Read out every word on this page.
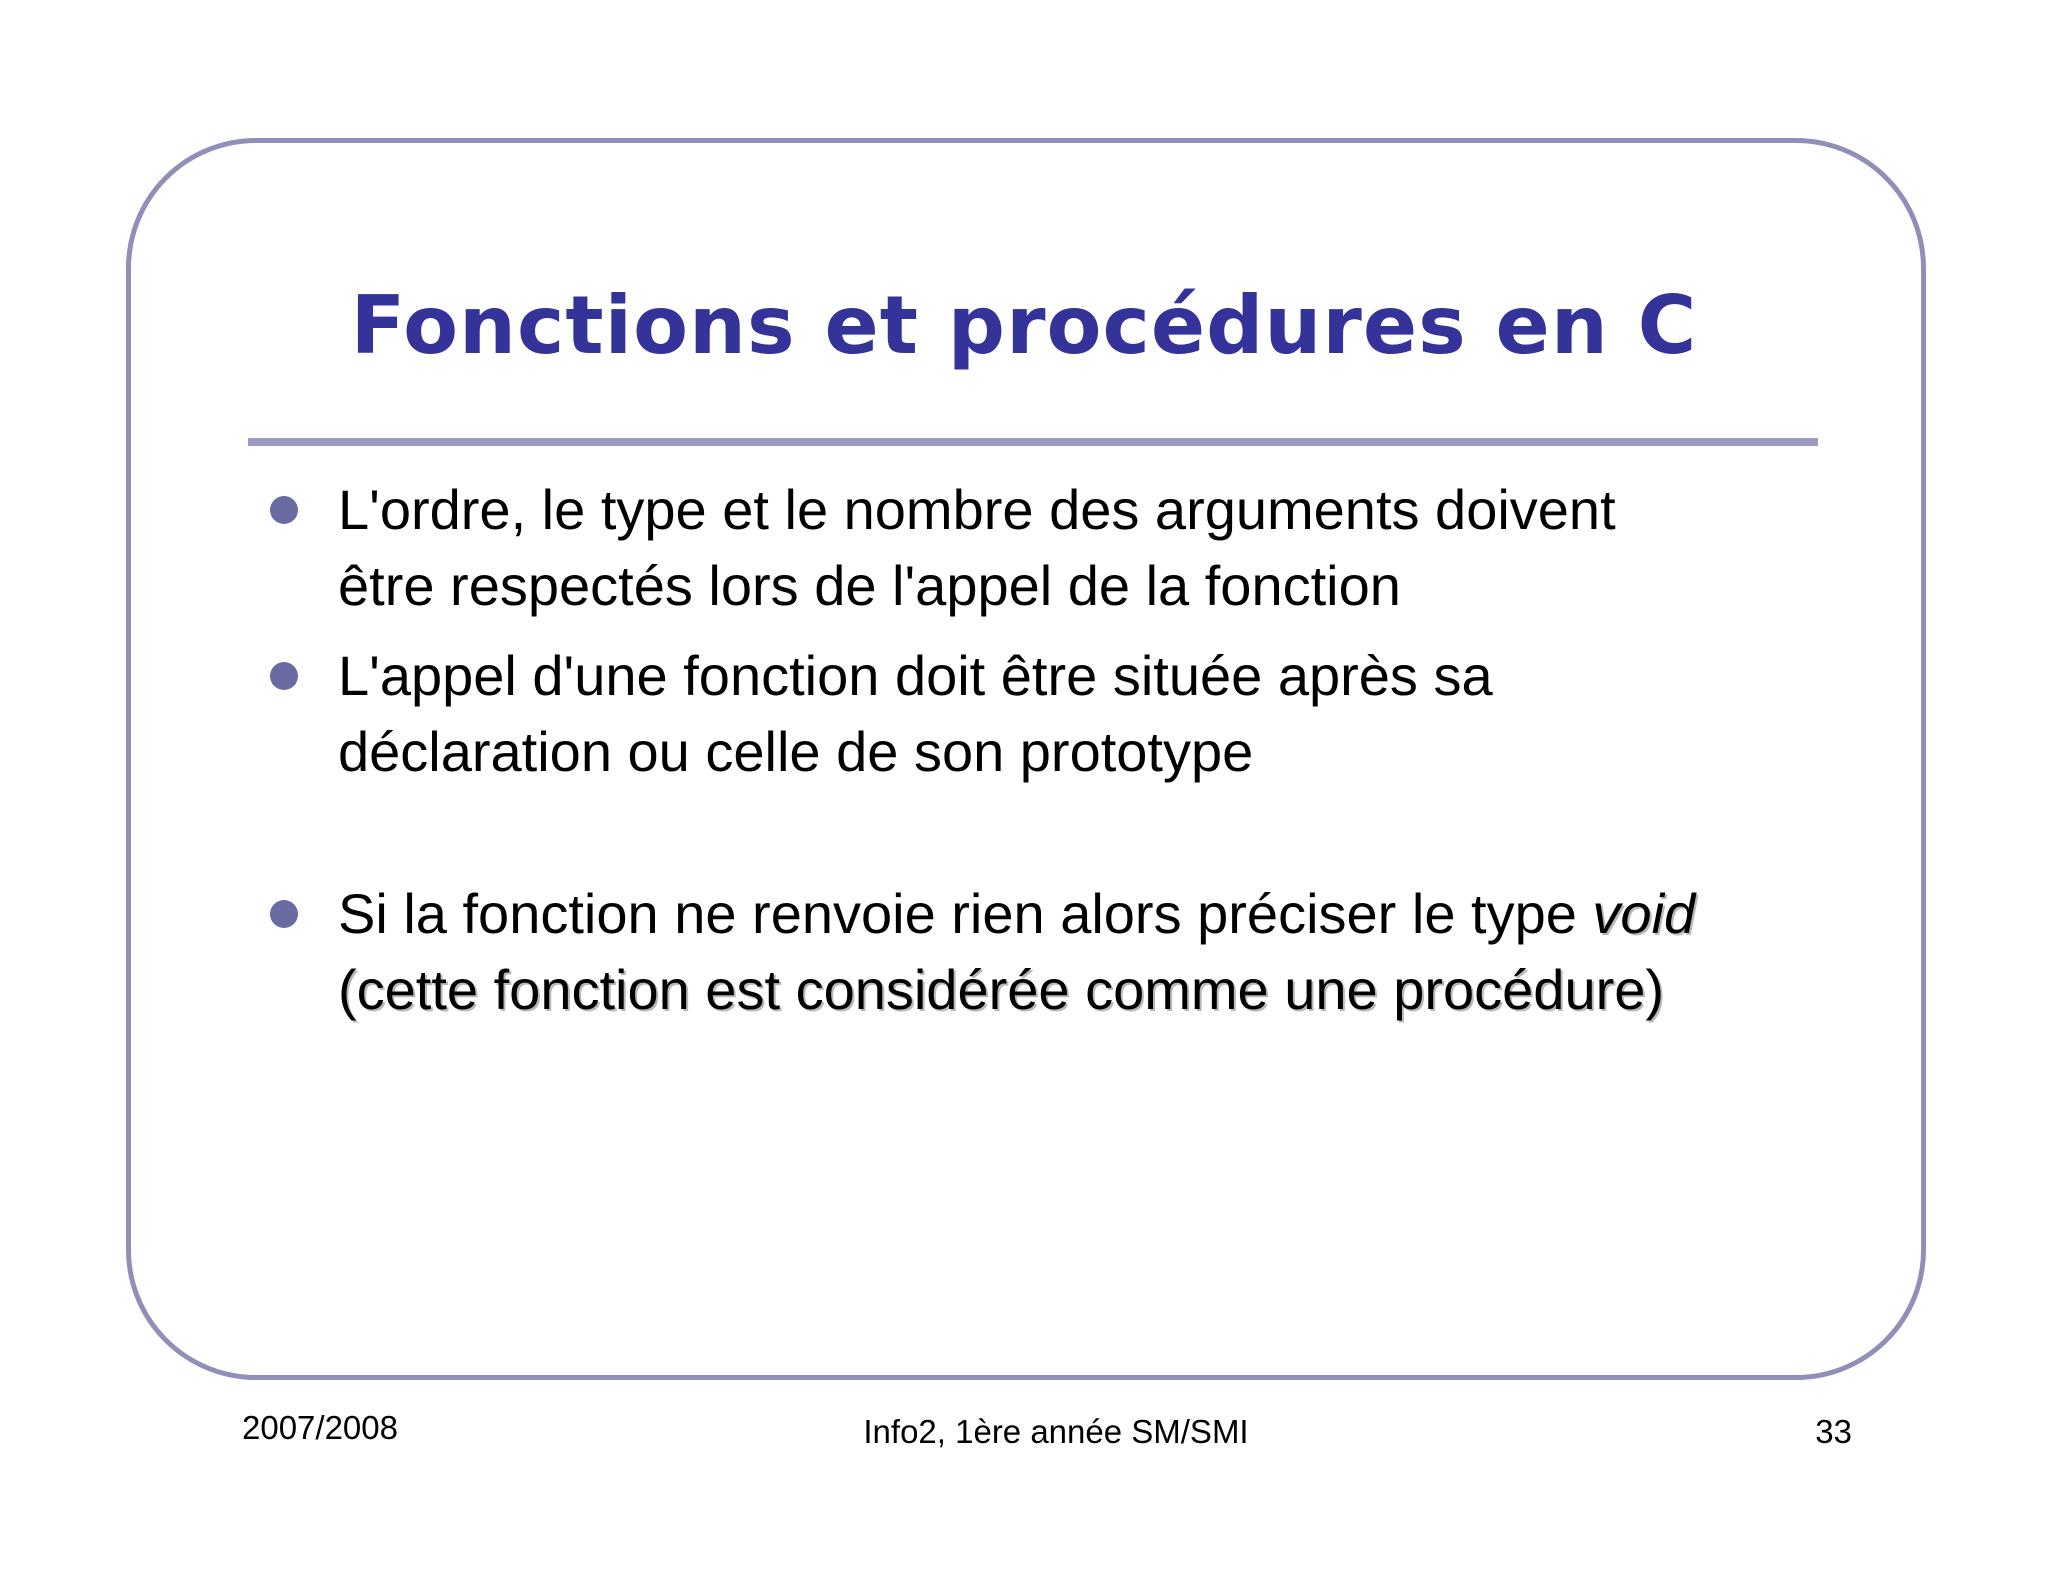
Fonctions et procédures en C
L'ordre, le type et le nombre des arguments doivent
être respectés lors de l'appel de la fonction
L'appel d'une fonction doit être située après sa
déclaration ou celle de son prototype
Si la fonction ne renvoie rien alors préciser le type void
(cette fonction est considérée comme une procédure)
2007/2008	Info2, 1ère année SM/SMI	33
